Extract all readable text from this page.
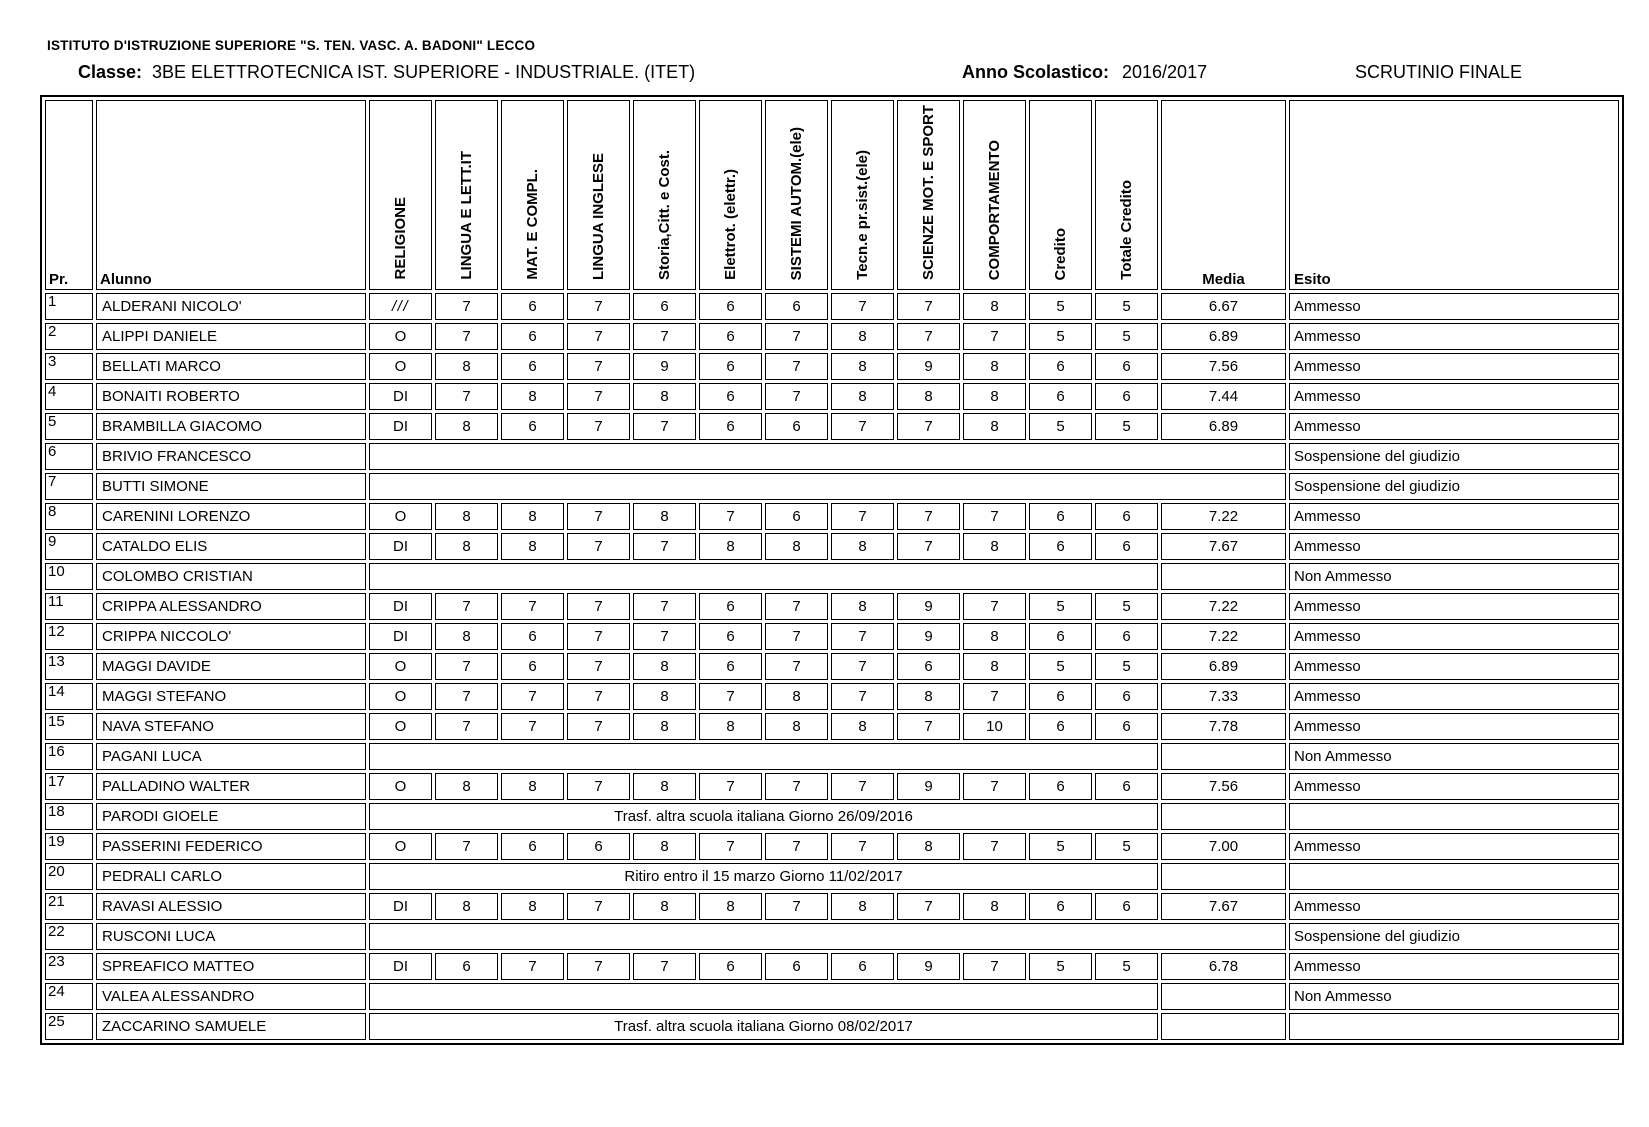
ISTITUTO D'ISTRUZIONE SUPERIORE "S. TEN. VASC. A. BADONI" LECCO
Classe: 3BE ELETTROTECNICA IST. SUPERIORE - INDUSTRIALE. (ITET)	Anno Scolastico: 2016/2017	SCRUTINIO FINALE
Pr.	Alunno	RELIGIONE	LINGUA E LETT.IT	MAT. E COMPL.	LINGUA INGLESE	Storia,Citt. e Cost.	Elettrot. (elettr.)	SISTEMI AUTOM.(ele)	Tecn.e pr.sist.(ele)	SCIENZE MOT. E SPORT	COMPORTAMENTO	Credito	Totale Credito	Media	Esito
1	ALDERANI NICOLO'	///	7	6	7	6	6	6	7	7	8	5	5	6.67	Ammesso
2	ALIPPI DANIELE	O	7	6	7	7	6	7	8	7	7	5	5	6.89	Ammesso
3	BELLATI MARCO	O	8	6	7	9	6	7	8	9	8	6	6	7.56	Ammesso
4	BONAITI ROBERTO	DI	7	8	7	8	6	7	8	8	8	6	6	7.44	Ammesso
5	BRAMBILLA GIACOMO	DI	8	6	7	7	6	6	7	7	8	5	5	6.89	Ammesso
6	BRIVIO FRANCESCO														Sospensione del giudizio
7	BUTTI SIMONE														Sospensione del giudizio
8	CARENINI LORENZO	O	8	8	7	8	7	6	7	7	7	6	6	7.22	Ammesso
9	CATALDO ELIS	DI	8	8	7	7	8	8	8	7	8	6	6	7.67	Ammesso
10	COLOMBO CRISTIAN														Non Ammesso
11	CRIPPA ALESSANDRO	DI	7	7	7	7	6	7	8	9	7	5	5	7.22	Ammesso
12	CRIPPA NICCOLO'	DI	8	6	7	7	6	7	7	9	8	6	6	7.22	Ammesso
13	MAGGI DAVIDE	O	7	6	7	8	6	7	7	6	8	5	5	6.89	Ammesso
14	MAGGI STEFANO	O	7	7	7	8	7	8	7	8	7	6	6	7.33	Ammesso
15	NAVA STEFANO	O	7	7	7	8	8	8	8	7	10	6	6	7.78	Ammesso
16	PAGANI LUCA														Non Ammesso
17	PALLADINO WALTER	O	8	8	7	8	7	7	7	9	7	6	6	7.56	Ammesso
18	PARODI GIOELE	Trasf. altra scuola italiana Giorno 26/09/2016													
19	PASSERINI FEDERICO	O	7	6	6	8	7	7	7	8	7	5	5	7.00	Ammesso
20	PEDRALI CARLO	Ritiro entro il 15 marzo Giorno 11/02/2017													
21	RAVASI ALESSIO	DI	8	8	7	8	8	7	8	7	8	6	6	7.67	Ammesso
22	RUSCONI LUCA														Sospensione del giudizio
23	SPREAFICO MATTEO	DI	6	7	7	7	6	6	6	9	7	5	5	6.78	Ammesso
24	VALEA ALESSANDRO														Non Ammesso
25	ZACCARINO SAMUELE	Trasf. altra scuola italiana Giorno 08/02/2017													
